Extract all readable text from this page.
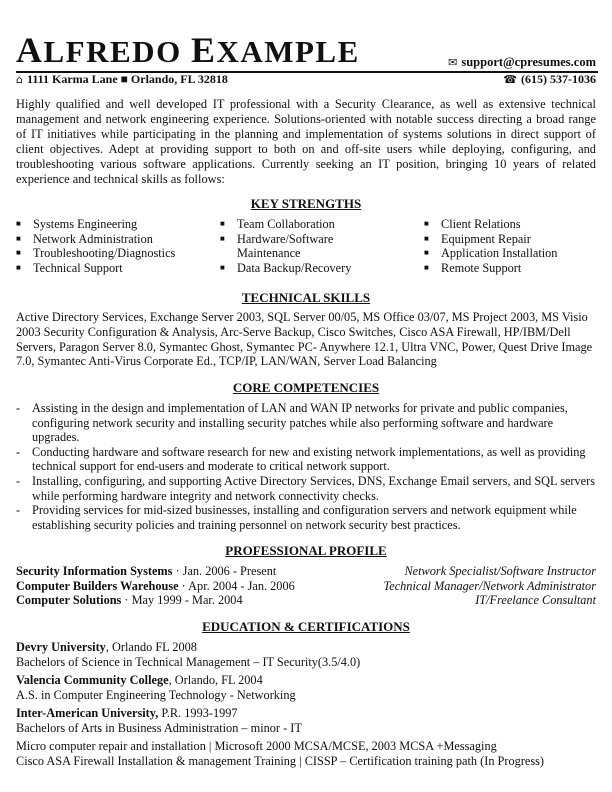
ALFREDO EXAMPLE	✉ support@cpresumes.com
⌂ 1111 Karma Lane ■ Orlando, FL 32818	☎ (615) 537-1036

Highly qualified and well developed IT professional with a Security Clearance, as well as extensive technical management and network engineering experience. Solutions-oriented with notable success directing a broad range of IT initiatives while participating in the planning and implementation of systems solutions in direct support of client objectives. Adept at providing support to both on and off-site users while deploying, configuring, and troubleshooting various software applications. Currently seeking an IT position, bringing 10 years of related experience and technical skills as follows:

KEY STRENGTHS
■ Systems Engineering
■ Network Administration
■ Troubleshooting/Diagnostics
■ Technical Support
■ Team Collaboration
■ Hardware/Software Maintenance
■ Data Backup/Recovery
■ Client Relations
■ Equipment Repair
■ Application Installation
■ Remote Support
TECHNICAL SKILLS

Active Directory Services, Exchange Server 2003, SQL Server 00/05, MS Office 03/07, MS Project 2003, MS Visio 2003 Security Configuration & Analysis, Arc-Serve Backup, Cisco Switches, Cisco ASA Firewall, HP/IBM/Dell Servers, Paragon Server 8.0, Symantec Ghost, Symantec PC- Anywhere 12.1, Ultra VNC, Power, Quest Drive Image 7.0, Symantec Anti-Virus Corporate Ed., TCP/IP, LAN/WAN, Server Load Balancing

CORE COMPETENCIES
- Assisting in the design and implementation of LAN and WAN IP networks for private and public companies, configuring network security and installing security patches while also performing software and hardware upgrades.
- Conducting hardware and software research for new and existing network implementations, as well as providing technical support for end-users and moderate to critical network support.
- Installing, configuring, and supporting Active Directory Services, DNS, Exchange Email servers, and SQL servers while performing hardware integrity and network connectivity checks.
- Providing services for mid-sized businesses, installing and configuration servers and network equipment while establishing security policies and training personnel on network security best practices.
PROFESSIONAL PROFILE
Security Information Systems · Jan. 2006 - Present	Network Specialist/Software Instructor
Computer Builders Warehouse · Apr. 2004 - Jan. 2006	Technical Manager/Network Administrator
Computer Solutions · May 1999 - Mar. 2004	IT/Freelance Consultant
EDUCATION & CERTIFICATIONS
Devry University, Orlando FL 2008
Bachelors of Science in Technical Management – IT Security(3.5/4.0)
Valencia Community College, Orlando, FL 2004
A.S. in Computer Engineering Technology - Networking
Inter-American University, P.R. 1993-1997
Bachelors of Arts in Business Administration – minor - IT
Micro computer repair and installation | Microsoft 2000 MCSA/MCSE, 2003 MCSA +Messaging
Cisco ASA Firewall Installation & management Training | CISSP – Certification training path (In Progress)
